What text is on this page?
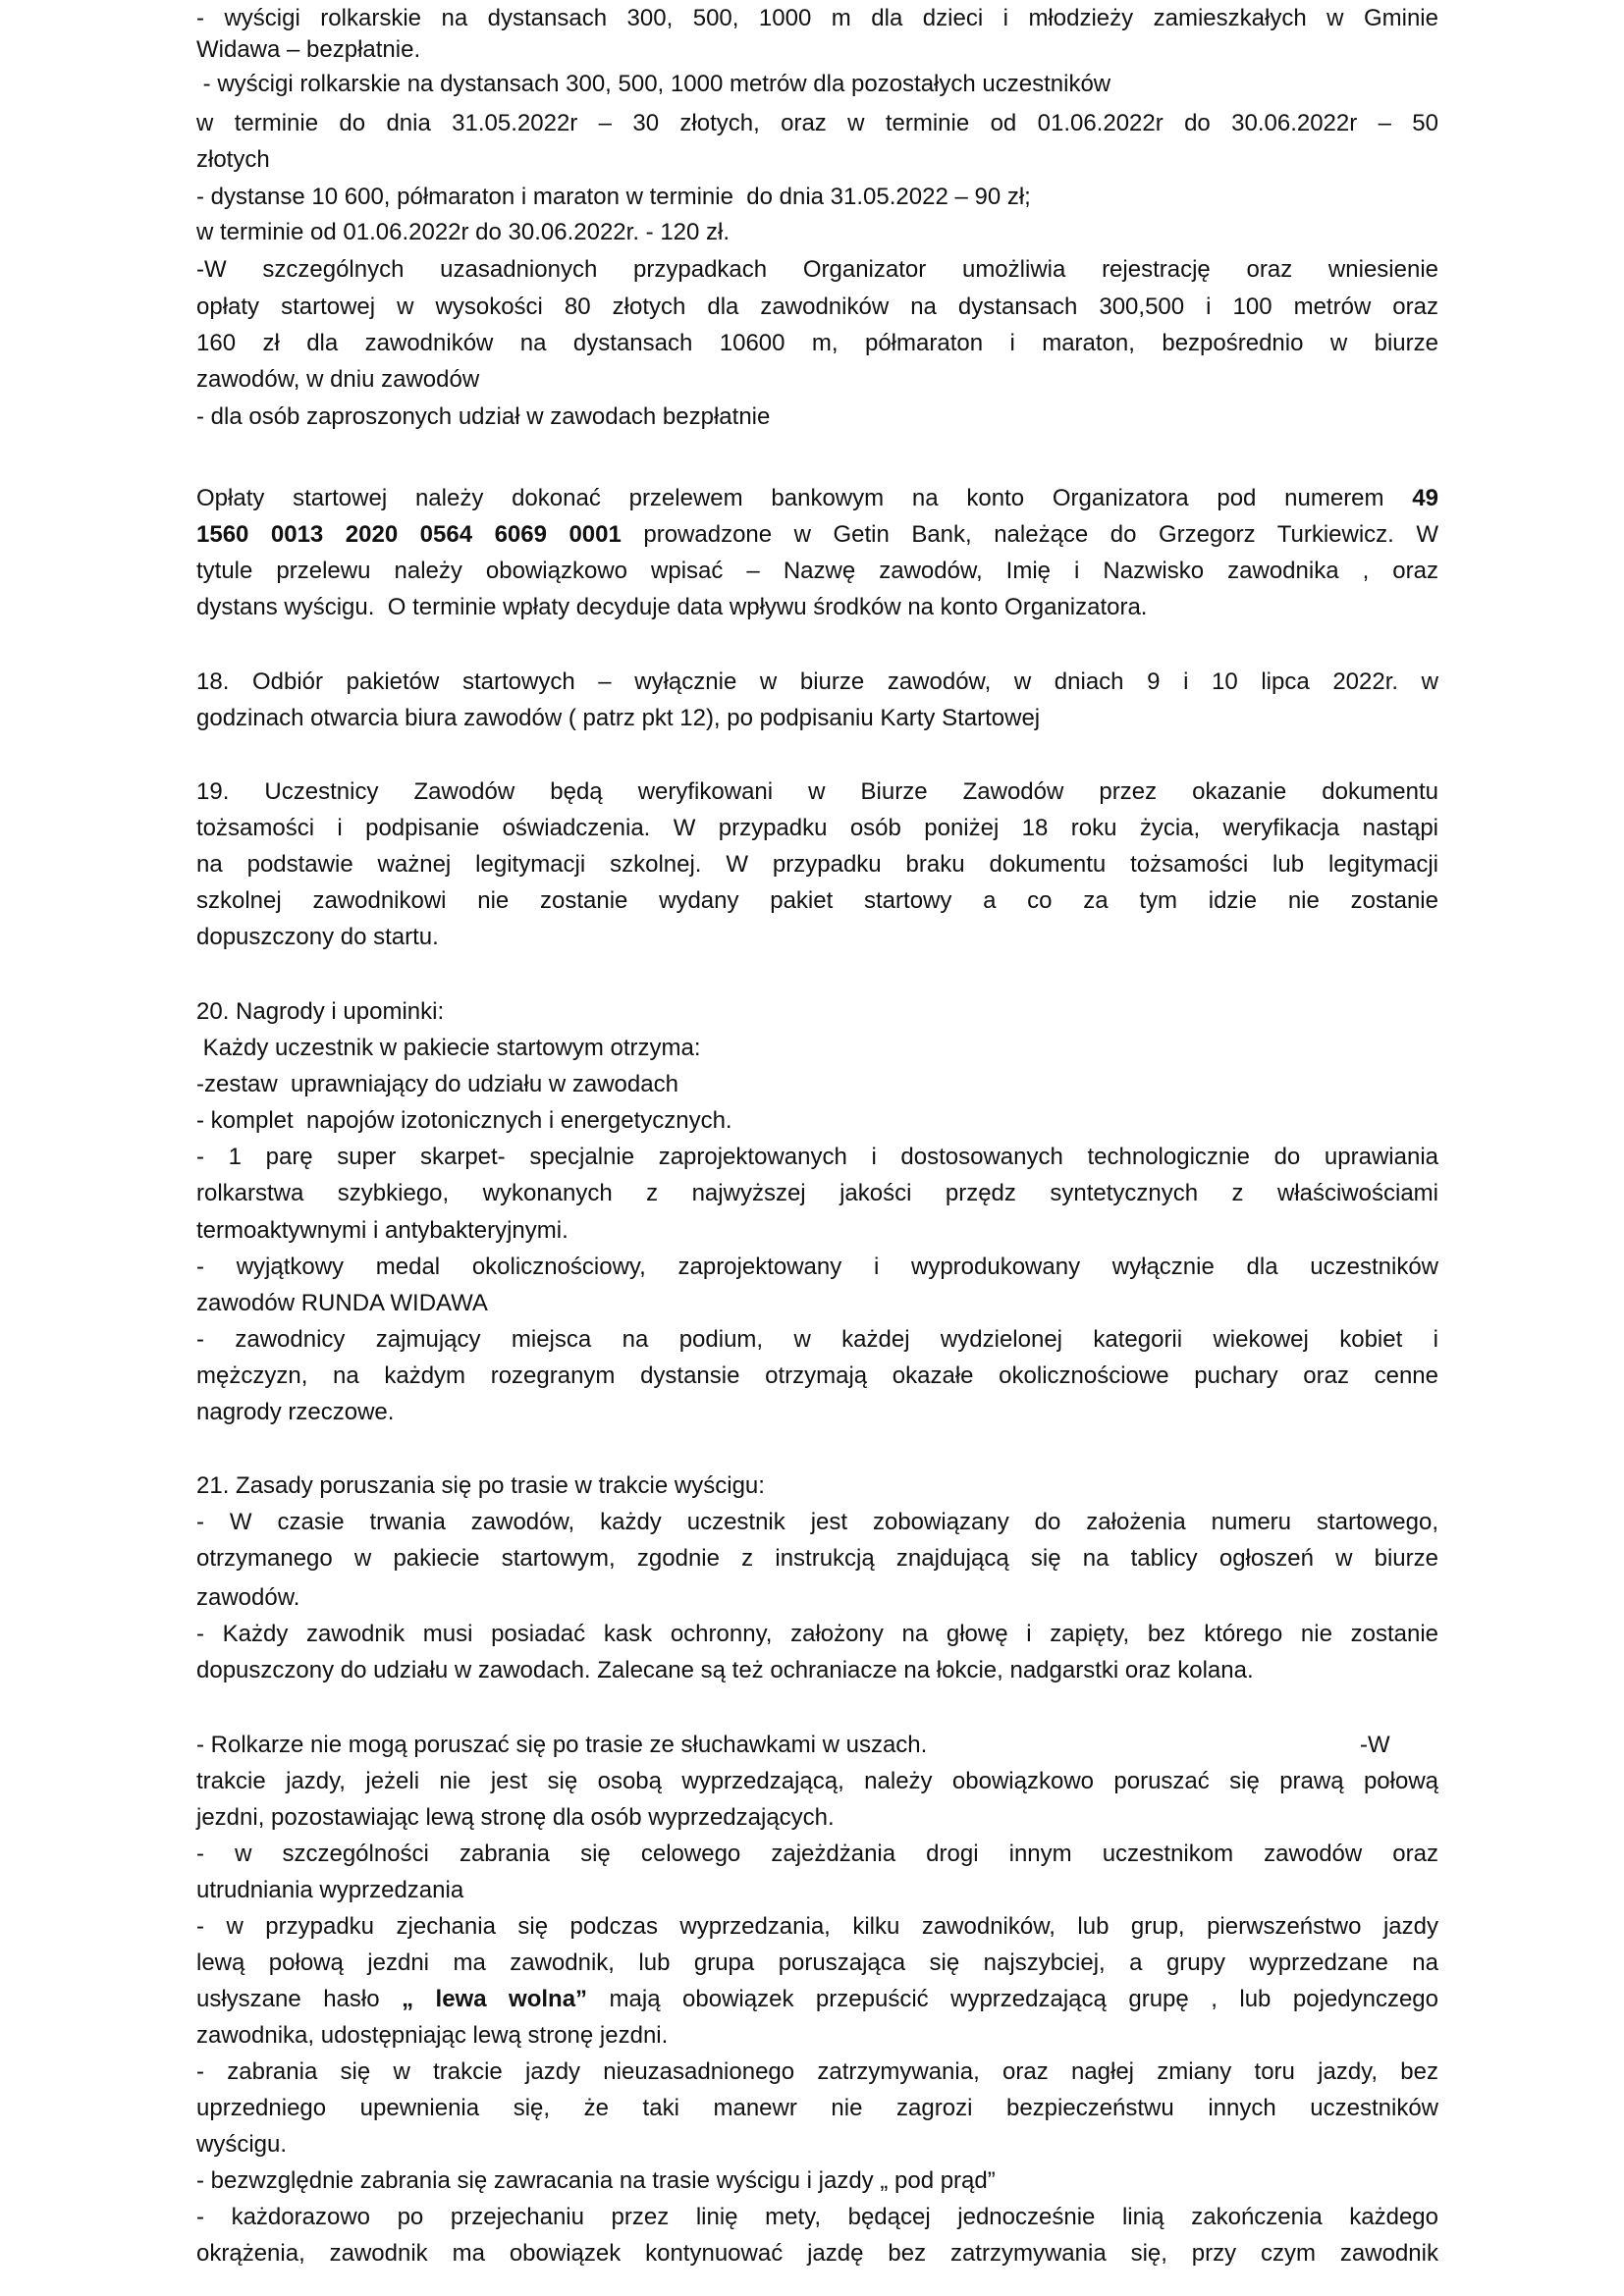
- wyścigi rolkarskie na dystansach 300, 500, 1000 m dla dzieci i młodzieży zamieszkałych w Gminie
Widawa – bezpłatnie.
- wyścigi rolkarskie na dystansach 300, 500, 1000 metrów dla pozostałych uczestników
w terminie do dnia 31.05.2022r – 30 złotych, oraz w terminie od 01.06.2022r do 30.06.2022r – 50
złotych
- dystanse 10 600, półmaraton i maraton w terminie  do dnia 31.05.2022 – 90 zł;
w terminie od 01.06.2022r do 30.06.2022r. - 120 zł.
-W szczególnych uzasadnionych przypadkach Organizator umożliwia rejestrację oraz wniesienie
opłaty startowej w wysokości 80 złotych dla zawodników na dystansach 300,500 i 100 metrów oraz
160 zł dla zawodników na dystansach 10600 m, półmaraton i maraton, bezpośrednio w biurze
zawodów, w dniu zawodów
- dla osób zaproszonych udział w zawodach bezpłatnie
Opłaty startowej należy dokonać przelewem bankowym na konto Organizatora pod numerem 49
1560 0013 2020 0564 6069 0001 prowadzone w Getin Bank, należące do Grzegorz Turkiewicz. W
tytule przelewu należy obowiązkowo wpisać – Nazwę zawodów, Imię i Nazwisko zawodnika , oraz
dystans wyścigu.  O terminie wpłaty decyduje data wpływu środków na konto Organizatora.
18. Odbiór pakietów startowych – wyłącznie w biurze zawodów, w dniach 9 i 10 lipca 2022r. w
godzinach otwarcia biura zawodów ( patrz pkt 12), po podpisaniu Karty Startowej
19. Uczestnicy Zawodów będą weryfikowani w Biurze Zawodów przez okazanie dokumentu
tożsamości i podpisanie oświadczenia. W przypadku osób poniżej 18 roku życia, weryfikacja nastąpi
na podstawie ważnej legitymacji szkolnej. W przypadku braku dokumentu tożsamości lub legitymacji
szkolnej zawodnikowi nie zostanie wydany pakiet startowy a co za tym idzie nie zostanie
dopuszczony do startu.
20. Nagrody i upominki:
Każdy uczestnik w pakiecie startowym otrzyma:
-zestaw  uprawniający do udziału w zawodach
- komplet  napojów izotonicznych i energetycznych.
- 1 parę super skarpet- specjalnie zaprojektowanych i dostosowanych technologicznie do uprawiania
rolkarstwa szybkiego, wykonanych z najwyższej jakości przędz syntetycznych z właściwościami
termoaktywnymi i antybakteryjnymi.
- wyjątkowy medal okolicznościowy, zaprojektowany i wyprodukowany wyłącznie dla uczestników
zawodów RUNDA WIDAWA
- zawodnicy zajmujący miejsca na podium, w każdej wydzielonej kategorii wiekowej kobiet i
mężczyzn, na każdym rozegranym dystansie otrzymają okazałe okolicznościowe puchary oraz cenne
nagrody rzeczowe.
21. Zasady poruszania się po trasie w trakcie wyścigu:
- W czasie trwania zawodów, każdy uczestnik jest zobowiązany do założenia numeru startowego,
otrzymanego w pakiecie startowym, zgodnie z instrukcją znajdującą się na tablicy ogłoszeń w biurze
zawodów.
- Każdy zawodnik musi posiadać kask ochronny, założony na głowę i zapięty, bez którego nie zostanie
dopuszczony do udziału w zawodach. Zalecane są też ochraniacze na łokcie, nadgarstki oraz kolana.
- Rolkarze nie mogą poruszać się po trasie ze słuchawkami w uszach.	-W
trakcie jazdy, jeżeli nie jest się osobą wyprzedzającą, należy obowiązkowo poruszać się prawą połową
jezdni, pozostawiając lewą stronę dla osób wyprzedzających.
- w szczególności zabrania się celowego zajeżdżania drogi innym uczestnikom zawodów oraz
utrudniania wyprzedzania
- w przypadku zjechania się podczas wyprzedzania, kilku zawodników, lub grup, pierwszeństwo jazdy
lewą połową jezdni ma zawodnik, lub grupa poruszająca się najszybciej, a grupy wyprzedzane na
usłyszane hasło „ lewa wolna” mają obowiązek przepuścić wyprzedzającą grupę , lub pojedynczego
zawodnika, udostępniając lewą stronę jezdni.
- zabrania się w trakcie jazdy nieuzasadnionego zatrzymywania, oraz nagłej zmiany toru jazdy, bez
uprzedniego upewnienia się, że taki manewr nie zagrozi bezpieczeństwu innych uczestników
wyścigu.
- bezwzględnie zabrania się zawracania na trasie wyścigu i jazdy „ pod prąd”
- każdorazowo po przejechaniu przez linię mety, będącej jednocześnie linią zakończenia każdego
okrążenia, zawodnik ma obowiązek kontynuować jazdę bez zatrzymywania się, przy czym zawodnik
